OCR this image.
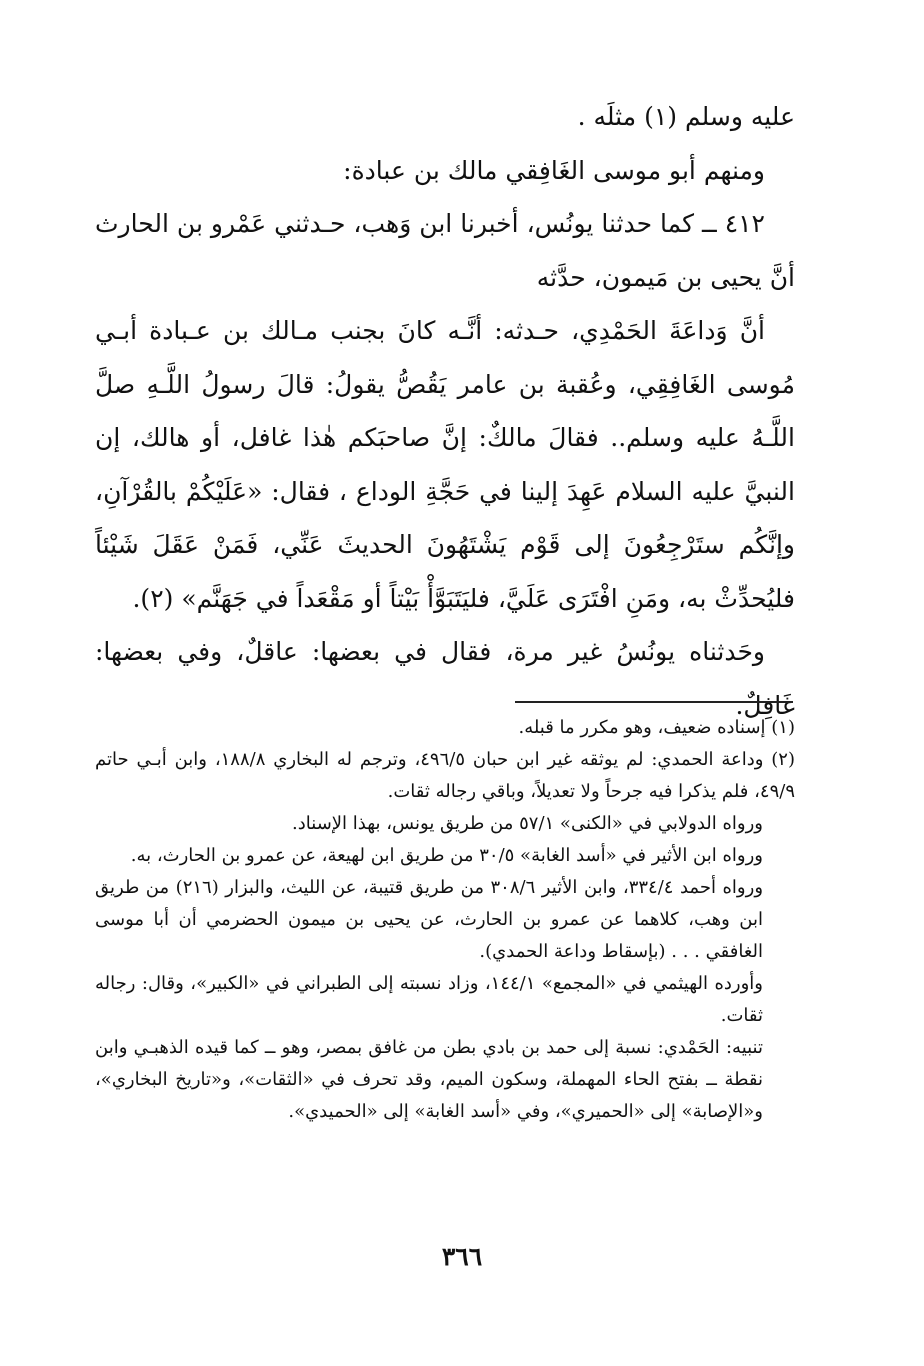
عليه وسلم (١) مثلَه .

ومنهم أبو موسى الغَافِقي مالك بن عبادة:

٤١٢ ــ كما حدثنا يونُس، أخبرنا ابن وَهب، حـدثني عَمْرو بن الحارث أنَّ يحيى بن مَيمون، حدَّثه

أنَّ وَداعَةَ الحَمْدِي، حـدثه: أنَّـه كانَ بجنب مـالك بن عـبادة أبـي مُوسى الغَافِقِي، وعُقبة بن عامر يَقُصُّ يقولُ: قالَ رسولُ اللَّـهِ صلَّ اللَّـهُ عليه وسلم.. فقالَ مالكٌ: إنَّ صاحبَكم هٰذا غافل، أو هالك، إن النبيَّ عليه السلام عَهِدَ إلينا في حَجَّةِ الوداع ، فقال: «عَلَيْكُمْ بالقُرْآنِ، وإنَّكُم ستَرْجِعُونَ إلى قَوْم يَشْتَهُونَ الحديثَ عَنِّي، فَمَنْ عَقَلَ شَيْئاً فليُحدِّثْ به، ومَنِ افْتَرَى عَلَيَّ، فليَتَبَوَّأْ بَيْتاً أو مَقْعَداً في جَهَنَّم» (٢).

وحَدثناه يونُسُ غير مرة، فقال في بعضها: عاقلٌ، وفي بعضها: غَافِلٌ.

(١) إسناده ضعيف، وهو مكرر ما قبله.

(٢) وداعة الحمدي: لم يوثقه غير ابن حبان ٤٩٦/٥، وترجم له البخاري ١٨٨/٨، وابن أبـي حاتم ٤٩/٩، فلم يذكرا فيه جرحاً ولا تعديلاً، وباقي رجاله ثقات.

ورواه الدولابي في «الكنى» ٥٧/١ من طريق يونس، بهذا الإسناد.

ورواه ابن الأثير في «أسد الغابة» ٣٠/٥ من طريق ابن لهيعة، عن عمرو بن الحارث، به.

ورواه أحمد ٣٣٤/٤، وابن الأثير ٣٠٨/٦ من طريق قتيبة، عن الليث، والبزار (٢١٦) من طريق ابن وهب، كلاهما عن عمرو بن الحارث، عن يحيى بن ميمون الحضرمي أن أبا موسى الغافقي . . . (بإسقاط وداعة الحمدي).

وأورده الهيثمي في «المجمع» ١٤٤/١، وزاد نسبته إلى الطبراني في «الكبير»، وقال: رجاله ثقات.

تنبيه: الحَمْدي: نسبة إلى حمد بن بادي بطن من غافق بمصر، وهو ــ كما قيده الذهبـي وابن نقطة ــ بفتح الحاء المهملة، وسكون الميم، وقد تحرف في «الثقات»، و«تاريخ البخاري»، و«الإصابة» إلى «الحميري»، وفي «أسد الغابة» إلى «الحميدي».

٣٦٦
